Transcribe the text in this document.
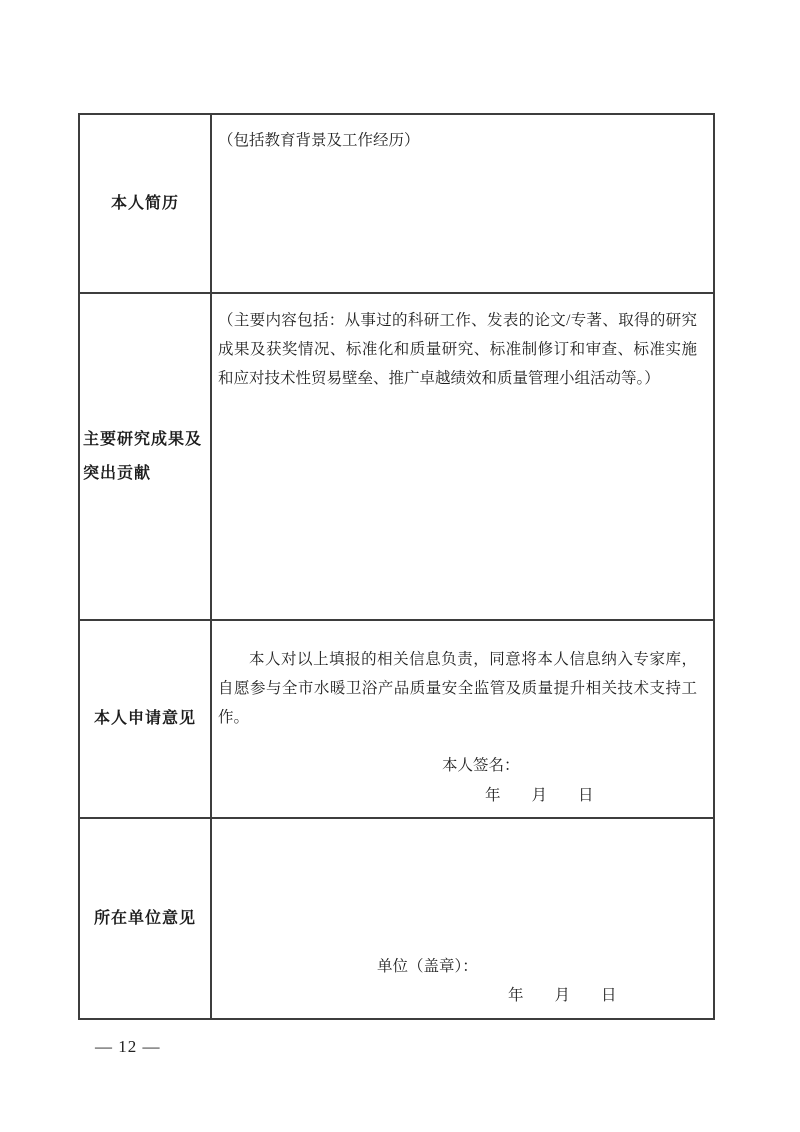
本人简历
（包括教育背景及工作经历）
主要研究成果及突出贡献
（主要内容包括：从事过的科研工作、发表的论文/专著、取得的研究成果及获奖情况、标准化和质量研究、标准制修订和审查、标准实施和应对技术性贸易壁垒、推广卓越绩效和质量管理小组活动等。）
本人申请意见
本人对以上填报的相关信息负责，同意将本人信息纳入专家库，自愿参与全市水暖卫浴产品质量安全监管及质量提升相关技术支持工作。
本人签名：
年　　月　　日
所在单位意见
单位（盖章）：
年　　月　　日
— 12 —
